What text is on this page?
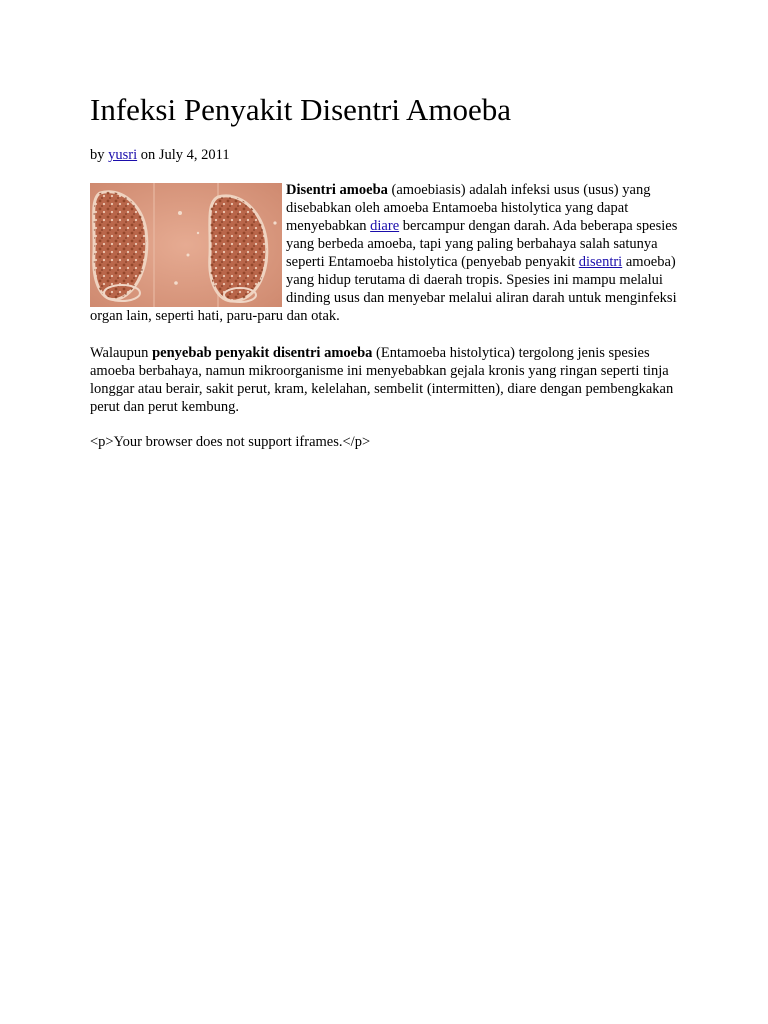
Infeksi Penyakit Disentri Amoeba

by yusri on July 4, 2011

Disentri amoeba (amoebiasis) adalah infeksi usus (usus) yang disebabkan oleh amoeba Entamoeba histolytica yang dapat menyebabkan diare bercampur dengan darah. Ada beberapa spesies yang berbeda amoeba, tapi yang paling berbahaya salah satunya seperti Entamoeba histolytica (penyebab penyakit disentri amoeba) yang hidup terutama di daerah tropis. Spesies ini mampu melalui dinding usus dan menyebar melalui aliran darah untuk menginfeksi organ lain, seperti hati, paru-paru dan otak.

Walaupun penyebab penyakit disentri amoeba (Entamoeba histolytica) tergolong jenis spesies amoeba berbahaya, namun mikroorganisme ini menyebabkan gejala kronis yang ringan seperti tinja longgar atau berair, sakit perut, kram, kelelahan, sembelit (intermitten), diare dengan pembengkakan perut dan perut kembung.

<p>Your browser does not support iframes.</p>
